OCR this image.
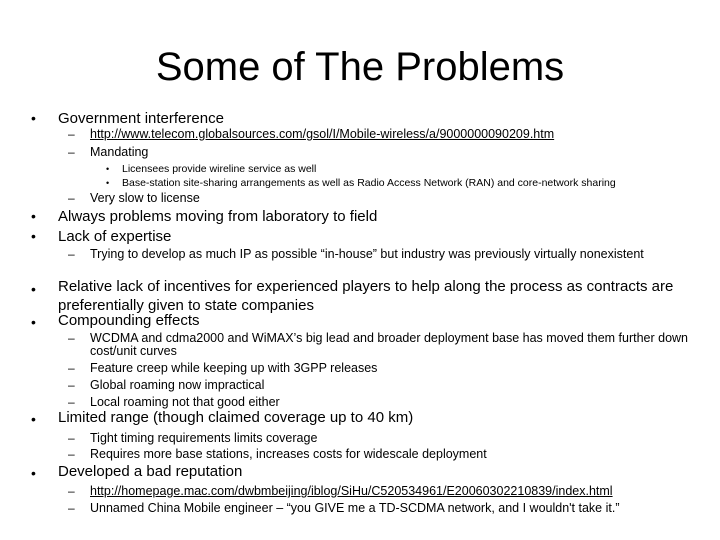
Some of The Problems
• Government interference
– http://www.telecom.globalsources.com/gsol/I/Mobile-wireless/a/9000000090209.htm
– Mandating
• Licensees provide wireline service as well
• Base-station site-sharing arrangements as well as Radio Access Network (RAN) and core-network sharing
– Very slow to license
• Always problems moving from laboratory to field
• Lack of expertise
– Trying to develop as much IP as possible “in-house” but industry was previously virtually nonexistent
• Relative lack of incentives for experienced players to help along the process as contracts are preferentially given to state companies
• Compounding effects
– WCDMA and cdma2000 and WiMAX’s big lead and broader deployment base has moved them further down cost/unit curves
– Feature creep while keeping up with 3GPP releases
– Global roaming now impractical
– Local roaming not that good either
• Limited range (though claimed coverage up to 40 km)
– Tight timing requirements limits coverage
– Requires more base stations, increases costs for widescale deployment
• Developed a bad reputation
– http://homepage.mac.com/dwbmbeijing/iblog/SiHu/C520534961/E20060302210839/index.html
– Unnamed China Mobile engineer – “you GIVE me a TD-SCDMA network, and I wouldn't take it.”
